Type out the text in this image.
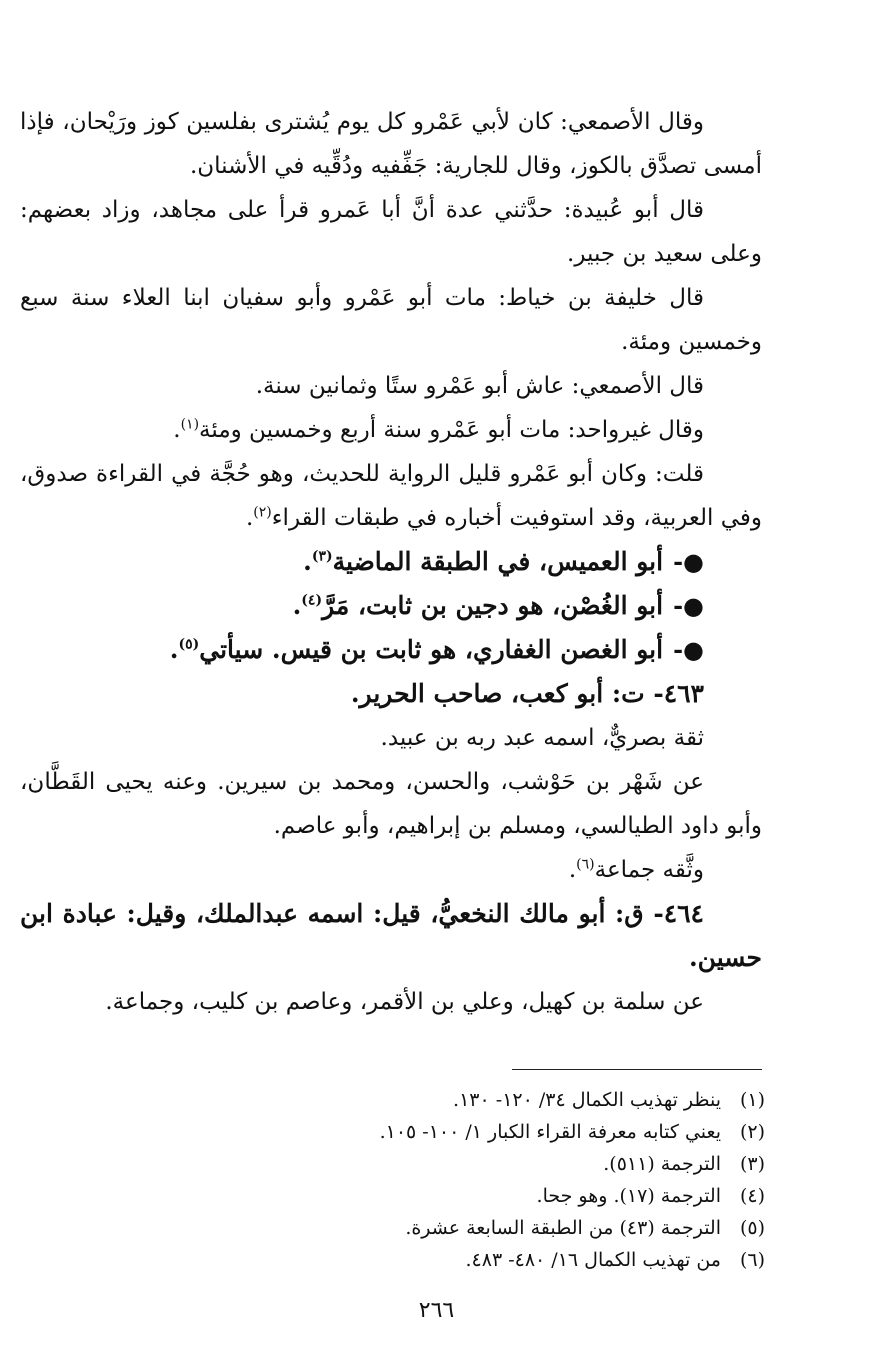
وقال الأصمعي: كان لأبي عَمْرو كل يوم يُشترى بفلسين كوز ورَيْحان، فإذا أمسى تصدَّق بالكوز، وقال للجارية: جَفِّفيه ودُقِّيه في الأشنان.

قال أبو عُبيدة: حدَّثني عدة أنَّ أبا عَمرو قرأ على مجاهد، وزاد بعضهم: وعلى سعيد بن جبير.

قال خليفة بن خياط: مات أبو عَمْرو وأبو سفيان ابنا العلاء سنة سبع وخمسين ومئة.

قال الأصمعي: عاش أبو عَمْرو ستًا وثمانين سنة.

وقال غيرواحد: مات أبو عَمْرو سنة أربع وخمسين ومئة$^{(١)}$.

قلت: وكان أبو عَمْرو قليل الرواية للحديث، وهو حُجَّة في القراءة صدوق، وفي العربية، وقد استوفيت أخباره في طبقات القراء$^{(٢)}$.

●-أبو العميس، في الطبقة الماضية$^{(٣)}$.

●-أبو الغُصْن، هو دجين بن ثابت، مَرَّ$^{(٤)}$.

●-أبو الغصن الغفاري، هو ثابت بن قيس. سيأتي$^{(٥)}$.

٤٦٣- ت: أبو كعب، صاحب الحرير.

ثقة بصريٌّ، اسمه عبد ربه بن عبيد.

عن شَهْر بن حَوْشب، والحسن، ومحمد بن سيرين. وعنه يحيى القَطَّان، وأبو داود الطيالسي، ومسلم بن إبراهيم، وأبو عاصم.

وثَّقه جماعة$^{(٦)}$.

٤٦٤- ق: أبو مالك النخعيُّ، قيل: اسمه عبدالملك، وقيل: عبادة ابن حسين.

عن سلمة بن كهيل، وعلي بن الأقمر، وعاصم بن كليب، وجماعة.

(١)
ينظر تهذيب الكمال ٣٤/ ١٢٠- ١٣٠.
(٢)
يعني كتابه معرفة القراء الكبار ١/ ١٠٠- ١٠٥.
(٣)
الترجمة (٥١١).
(٤)
الترجمة (١٧). وهو جحا.
(٥)
الترجمة (٤٣) من الطبقة السابعة عشرة.
(٦)
من تهذيب الكمال ١٦/ ٤٨٠- ٤٨٣.
٢٦٦
